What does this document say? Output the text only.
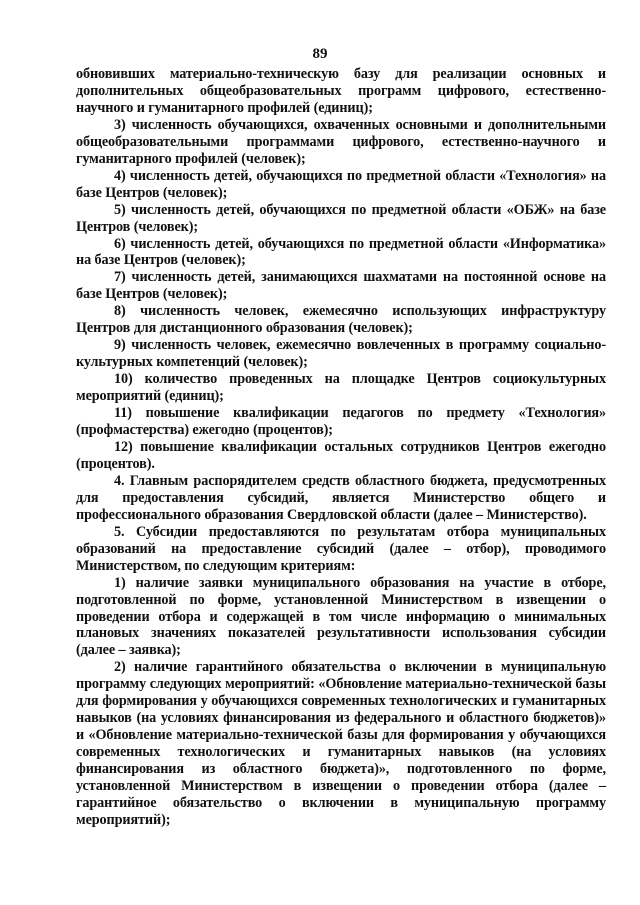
89

обновивших материально-техническую базу для реализации основных и дополнительных общеобразовательных программ цифрового, естественно-научного и гуманитарного профилей (единиц);

3) численность обучающихся, охваченных основными и дополнительными общеобразовательными программами цифрового, естественно-научного и гуманитарного профилей (человек);

4) численность детей, обучающихся по предметной области «Технология» на базе Центров (человек);

5) численность детей, обучающихся по предметной области «ОБЖ» на базе Центров (человек);

6) численность детей, обучающихся по предметной области «Информатика» на базе Центров (человек);

7) численность детей, занимающихся шахматами на постоянной основе на базе Центров (человек);

8) численность человек, ежемесячно использующих инфраструктуру Центров для дистанционного образования (человек);

9) численность человек, ежемесячно вовлеченных в программу социально-культурных компетенций (человек);

10) количество проведенных на площадке Центров социокультурных мероприятий (единиц);

11) повышение квалификации педагогов по предмету «Технология» (профмастерства) ежегодно (процентов);

12) повышение квалификации остальных сотрудников Центров ежегодно (процентов).

4. Главным распорядителем средств областного бюджета, предусмотренных для предоставления субсидий, является Министерство общего и профессионального образования Свердловской области (далее – Министерство).

5. Субсидии предоставляются по результатам отбора муниципальных образований на предоставление субсидий (далее – отбор), проводимого Министерством, по следующим критериям:

1) наличие заявки муниципального образования на участие в отборе, подготовленной по форме, установленной Министерством в извещении о проведении отбора и содержащей в том числе информацию о минимальных плановых значениях показателей результативности использования субсидии (далее – заявка);

2) наличие гарантийного обязательства о включении в муниципальную программу следующих мероприятий: «Обновление материально-технической базы для формирования у обучающихся современных технологических и гуманитарных навыков (на условиях финансирования из федерального и областного бюджетов)» и «Обновление материально-технической базы для формирования у обучающихся современных технологических и гуманитарных навыков (на условиях финансирования из областного бюджета)», подготовленного по форме, установленной Министерством в извещении о проведении отбора (далее – гарантийное обязательство о включении в муниципальную программу мероприятий);
